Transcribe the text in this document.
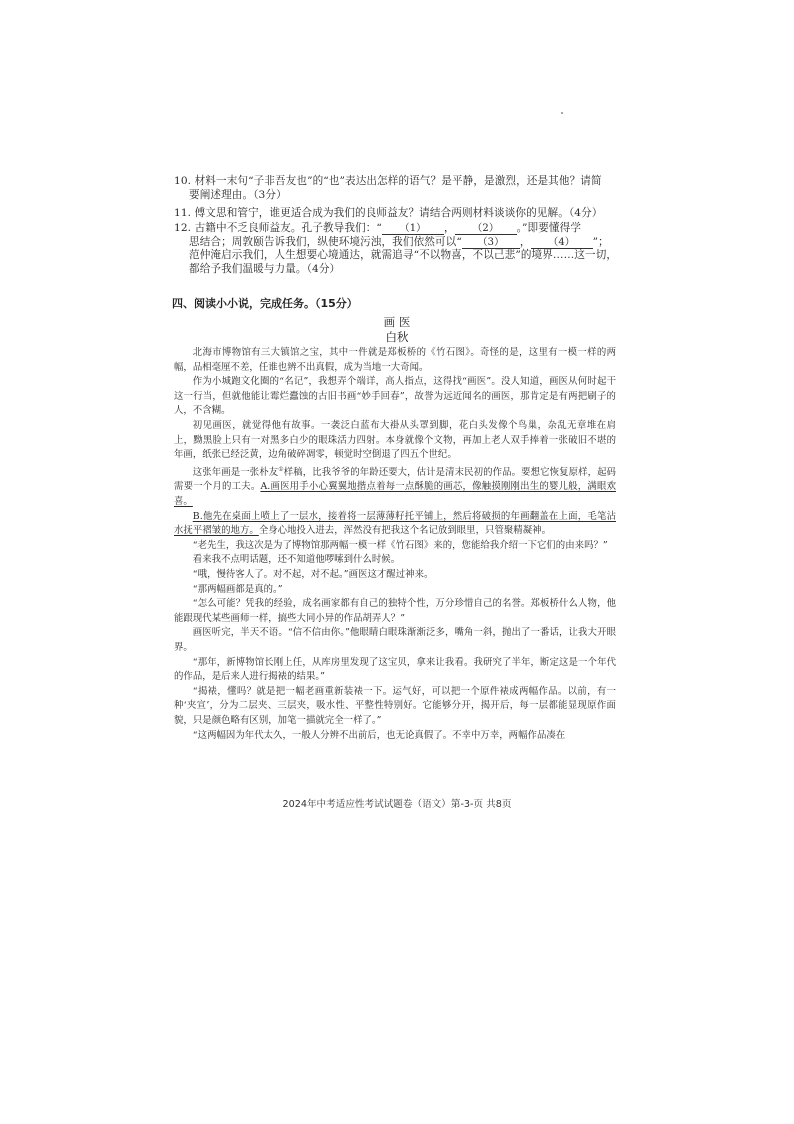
10. 材料一末句“子非吾友也”的“也”表达出怎样的语气？是平静，是激烈，还是其他？请简
要阐述理由。（3分）
11. 傅文思和管宁，谁更适合成为我们的良师益友？请结合两则材料谈谈你的见解。（4分）
12. 古籍中不乏良师益友。孔子教导我们：“ （1） ， （2） 。”即要懂得学
思结合；周敦颐告诉我们，纵使环境污浊，我们依然可以“ （3） ， （4） ”；
范仲淹启示我们，人生想要心境通达，就需追寻“不以物喜，不以己悲”的境界……这一切，
都给予我们温暖与力量。（4分）
四、阅读小小说，完成任务。（15分）
画 医
白秋

北海市博物馆有三大镇馆之宝，其中一件就是郑板桥的《竹石图》。奇怪的是，这里有一模一样的两幅，品相毫厘不差，任谁也辨不出真假，成为当地一大奇闻。

作为小城跑文化圈的“名记”，我想弄个端详，高人指点，这得找“画医”。没人知道，画医从何时起干这一行当，但就他能让霉烂蠹蚀的古旧书画“妙手回春”，故誉为远近闻名的画医，那肯定是有两把刷子的人，不含糊。

初见画医，就觉得他有故事。一袭泛白蓝布大褂从头罩到脚，花白头发像个鸟巢，杂乱无章堆在肩上，黝黑脸上只有一对黑多白少的眼珠活力四射。本身就像个文物，再加上老人双手捧着一张破旧不堪的年画，纸张已经泛黄，边角破碎凋零，顿觉时空倒退了四五个世纪。

这张年画是一张朴友①样稿，比我爷爷的年龄还要大，估计是清末民初的作品。要想它恢复原样，起码需要一个月的工夫。A.画医用手小心翼翼地揩点着每一点酥脆的画芯，像触摸刚刚出生的婴儿般，满眼欢喜。

B.他先在桌面上喷上了一层水，接着将一层薄薄籽托平铺上，然后将破损的年画翻盖在上面，毛笔沾水抚平褶皱的地方。全身心地投入进去，浑然没有把我这个名记放到眼里，只管聚精凝神。

“老先生，我这次是为了博物馆那两幅一模一样《竹石图》来的，您能给我介绍一下它们的由来吗？”

看来我不点明话题，还不知道他啰嗦到什么时候。

“哦，慢待客人了。对不起，对不起。”画医这才醒过神来。

“那两幅画都是真的。”

“怎么可能？凭我的经验，成名画家都有自己的独特个性，万分珍惜自己的名誉。郑板桥什么人物，他能跟现代某些画师一样，搞些大同小异的作品胡弄人？”

画医听完，半天不语。“信不信由你。”他眼睛白眼珠渐渐泛多，嘴角一斜，抛出了一番话，让我大开眼界。

“那年，新博物馆长刚上任，从库房里发现了这宝贝，拿来让我看。我研究了半年，断定这是一个年代的作品，是后来人进行揭裱的结果。”

“揭裱，懂吗？就是把一幅老画重新装裱一下。运气好，可以把一个原件裱成两幅作品。以前，有一种‘夹宣’，分为二层夹、三层夹，吸水性、平整性特别好。它能够分开，揭开后，每一层都能显现原作面貌，只是颜色略有区别，加笔一描就完全一样了。”

“这两幅因为年代太久，一般人分辨不出前后，也无论真假了。不幸中万幸，两幅作品凑在

2024年中考适应性考试试题卷（语文）第-3-页 共8页
